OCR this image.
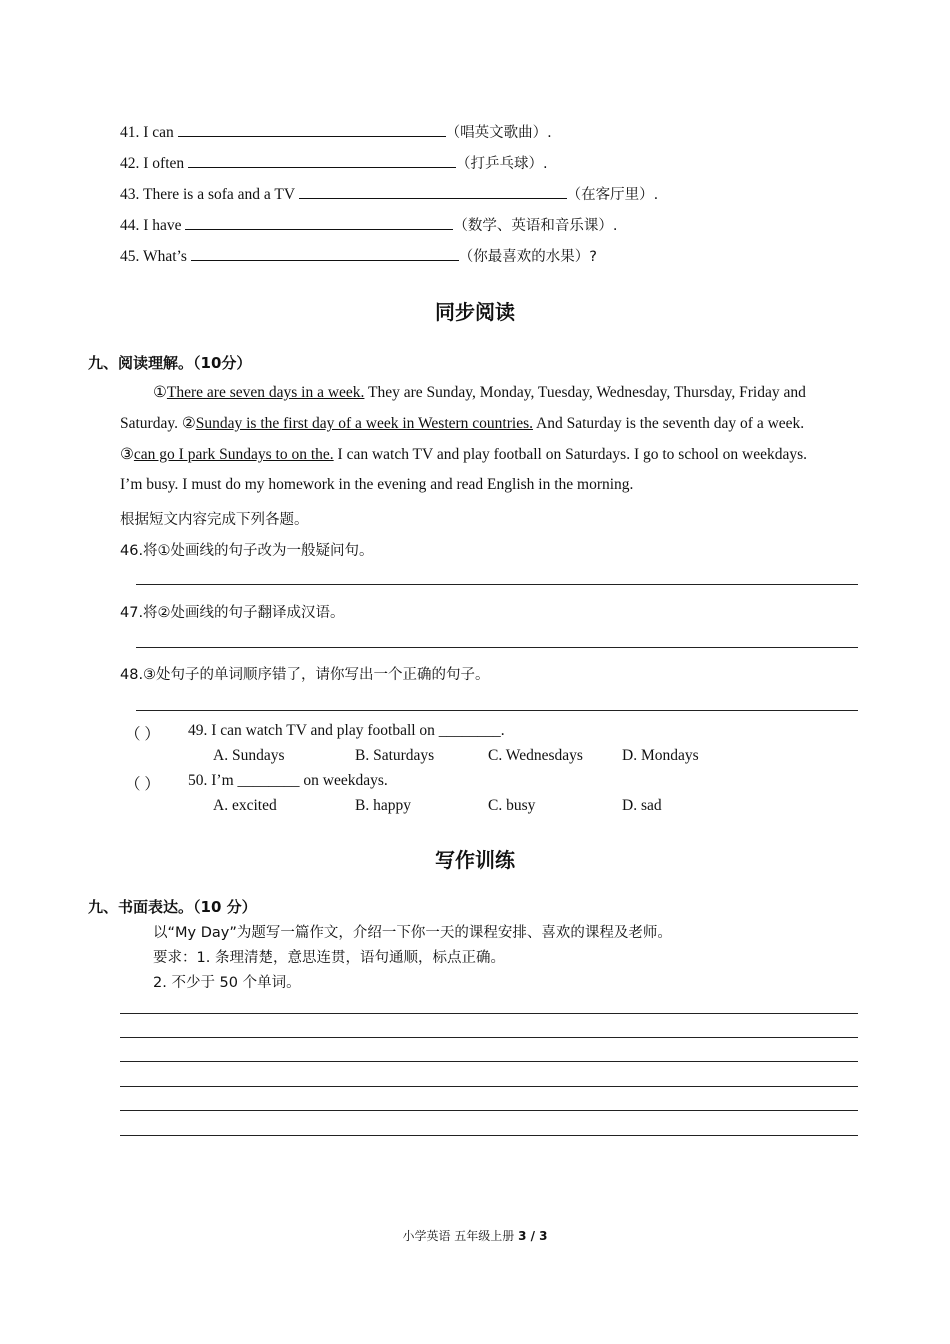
41. I can	（唱英文歌曲）.
42. I often	（打乒乓球）.
43. There is a sofa and a TV	（在客厅里）.
44. I have	（数学、英语和音乐课）.
45. What’s	（你最喜欢的水果）?
同步阅读
九、阅读理解。（10分）
①There are seven days in a week. They are Sunday, Monday, Tuesday, Wednesday, Thursday, Friday and
Saturday. ②Sunday is the first day of a week in Western countries. And Saturday is the seventh day of a week.
③can go I park Sundays to on the. I can watch TV and play football on Saturdays. I go to school on weekdays.
I’m busy. I must do my homework in the evening and read English in the morning.
根据短文内容完成下列各题。
46.将①处画线的句子改为一般疑问句。
47.将②处画线的句子翻译成汉语。
48.③处句子的单词顺序错了，请你写出一个正确的句子。
（ ） 49. I can watch TV and play football on ________.
A. Sundays	B. Saturdays	C. Wednesdays	D. Mondays
（ ） 50. I’m ________ on weekdays.
A. excited	B. happy	C. busy	D. sad
写作训练
九、书面表达。（10 分）
以“My Day”为题写一篇作文，介绍一下你一天的课程安排、喜欢的课程及老师。
要求：1. 条理清楚，意思连贯，语句通顺，标点正确。
2. 不少于 50 个单词。
小学英语 五年级上册 3 / 3
